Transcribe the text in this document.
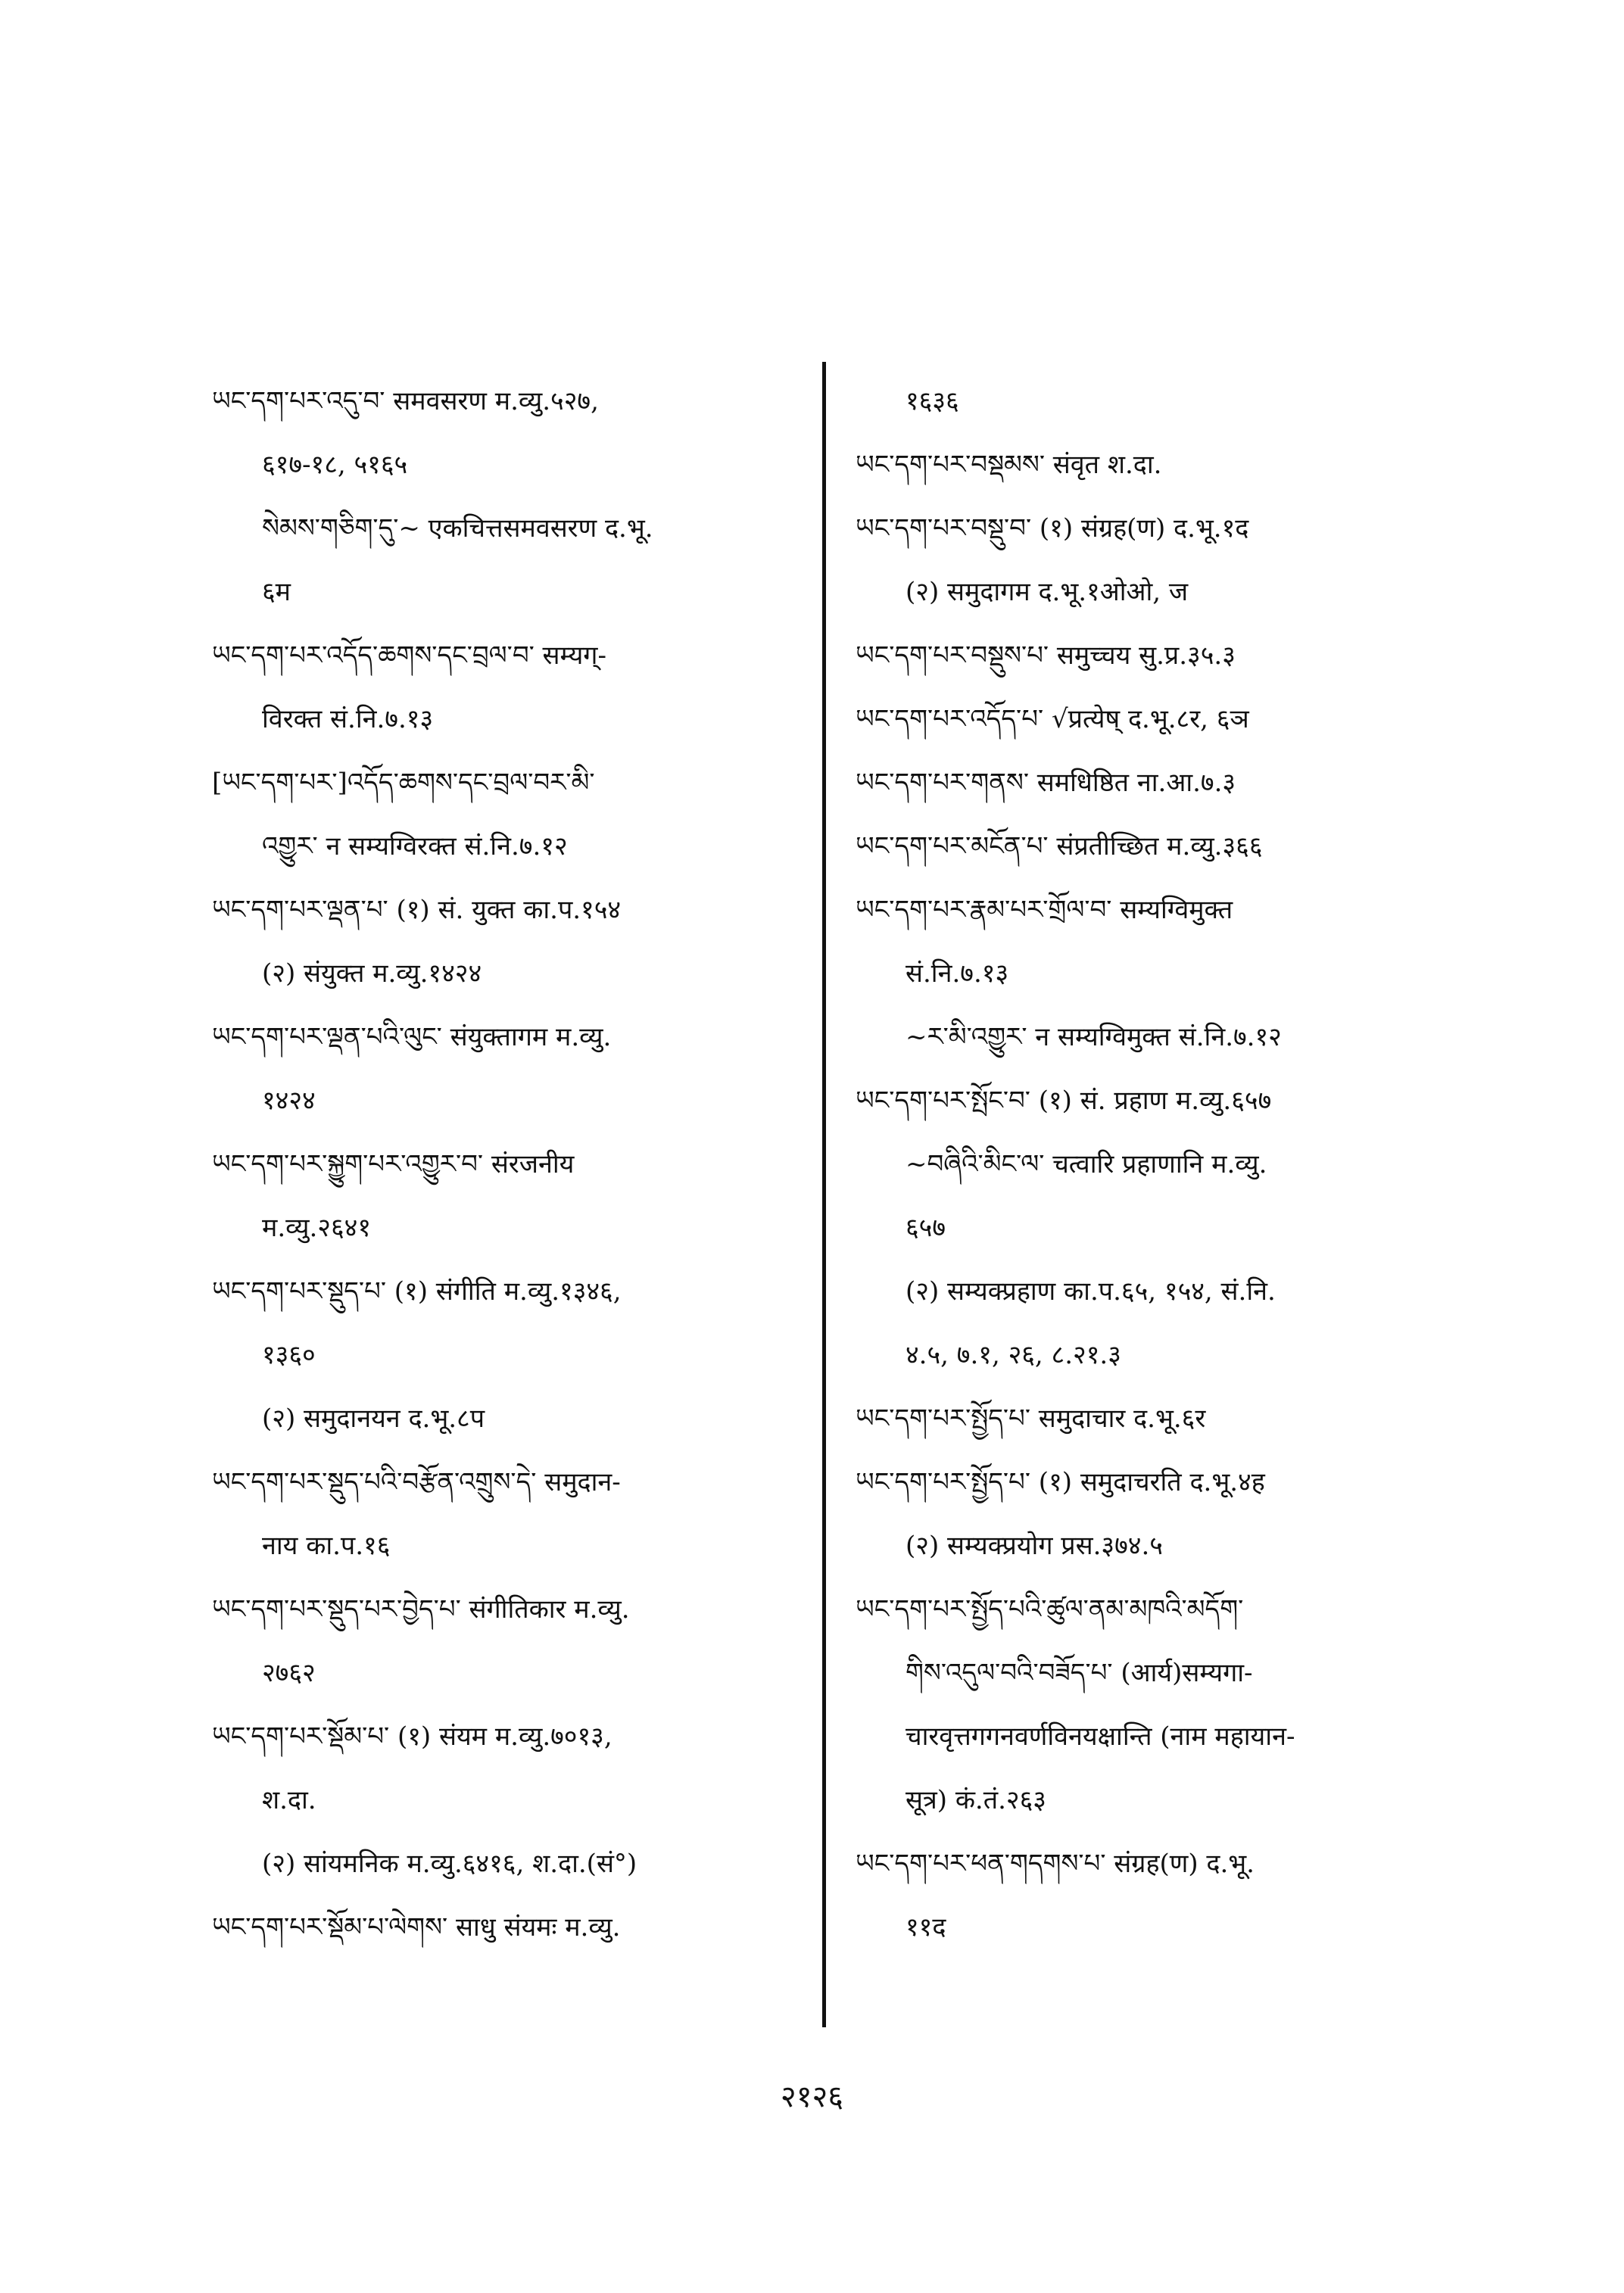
ཡང་དག་པར་འདུ་བ་ समवसरण म.व्यु.५२७,
६१७-१८, ५१६५
སེམས་གཅིག་དུ་~ एकचित्तसमवसरण द.भू.
६म
ཡང་དག་པར་འདོད་ཆགས་དང་བྲལ་བ་ सम्यग्-
विरक्त सं.नि.७.१३
[ཡང་དག་པར་]འདོད་ཆགས་དང་བྲལ་བར་མི་
འགྱུར་ न सम्यग्विरक्त सं.नि.७.१२
ཡང་དག་པར་ལྡན་པ་ (१) सं. युक्त का.प.१५४
(२) संयुक्त म.व्यु.१४२४
ཡང་དག་པར་ལྡན་པའི་ལུང་ संयुक्तागम म.व्यु.
१४२४
ཡང་དག་པར་སྐྱུག་པར་འགྱུར་བ་ संरजनीय
म.व्यु.२६४१
ཡང་དག་པར་སྡུད་པ་ (१) संगीति म.व्यु.१३४६,
१३६०
(२) समुदानयन द.भू.८प
ཡང་དག་པར་སྡུད་པའི་བརྩོན་འགྲུས་དེ་ समुदान-
नाय का.प.१६
ཡང་དག་པར་སྡུད་པར་བྱེད་པ་ संगीतिकार म.व्यु.
२७६२
ཡང་དག་པར་སྡོམ་པ་ (१) संयम म.व्यु.७०१३,
श.दा.
(२) सांयमनिक म.व्यु.६४१६, श.दा.(सं°)
ཡང་དག་པར་སྡོམ་པ་ལེགས་ साधु संयमः म.व्यु.
१६३६
ཡང་དག་པར་བསྡམས་ संवृत श.दा.
ཡང་དག་པར་བསྡུ་བ་ (१) संग्रह(ण) द.भू.१द
(२) समुदागम द.भू.१ओओ, ज
ཡང་དག་པར་བསྡུས་པ་ समुच्चय सु.प्र.३५.३
ཡང་དག་པར་འདོད་པ་ √प्रत्येष् द.भू.८र, ६ञ
ཡང་དག་པར་གནས་ समधिष्ठित ना.आ.७.३
ཡང་དག་པར་མངོན་པ་ संप्रतीच्छित म.व्यु.३६६
ཡང་དག་པར་རྣམ་པར་གྲོལ་བ་ सम्यग्विमुक्त
सं.नि.७.१३
~ར་མི་འགྱུར་ न सम्यग्विमुक्त सं.नि.७.१२
ཡང་དག་པར་སྤོང་བ་ (१) सं. प्रहाण म.व्यु.६५७
~བཞིའི་མིང་ལ་ चत्वारि प्रहाणानि म.व्यु.
६५७
(२) सम्यक्प्रहाण का.प.६५, १५४, सं.नि.
४.५, ७.१, २६, ८.२१.३
ཡང་དག་པར་སྤྱོད་པ་ समुदाचार द.भू.६र
ཡང་དག་པར་སྤྱོད་པ་ (१) समुदाचरति द.भू.४ह
(२) सम्यक्प्रयोग प्रस.३७४.५
ཡང་དག་པར་སྤྱོད་པའི་ཚུལ་ནམ་མཁའི་མདོག་
གིས་འདུལ་བའི་བཟོད་པ་ (आर्य)सम्यगा-
चारवृत्तगगनवर्णविनयक्षान्ति (नाम महायान-
सूत्र) कं.तं.२६३
ཡང་དག་པར་ཕན་གདགས་པ་ संग्रह(ण) द.भू.
११द
२१२६
